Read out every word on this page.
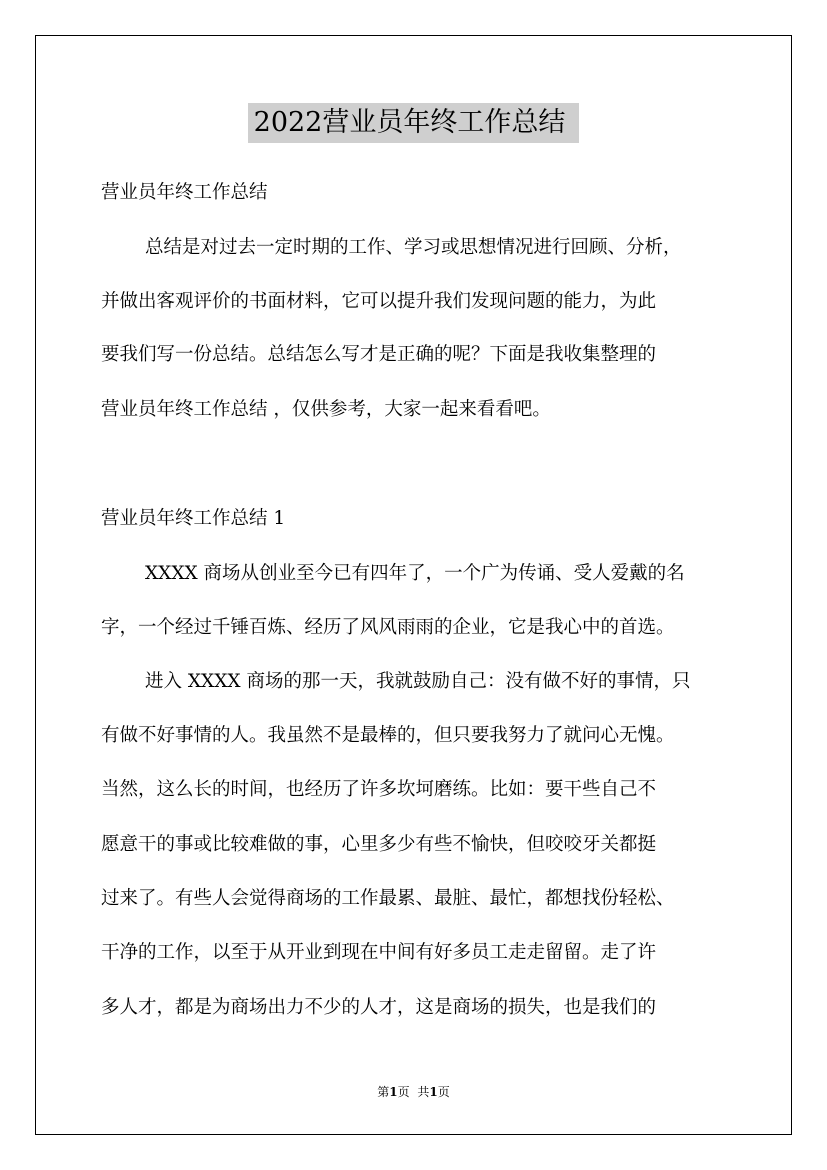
2022营业员年终工作总结
营业员年终工作总结
总结是对过去一定时期的工作、学习或思想情况进行回顾、分析，
并做出客观评价的书面材料，它可以提升我们发现问题的能力，为此
要我们写一份总结。总结怎么写才是正确的呢？下面是我收集整理的
营业员年终工作总结 ，仅供参考，大家一起来看看吧。
营业员年终工作总结 1
XXXX 商场从创业至今已有四年了，一个广为传诵、受人爱戴的名
字，一个经过千锤百炼、经历了风风雨雨的企业，它是我心中的首选。
进入 XXXX 商场的那一天，我就鼓励自己：没有做不好的事情，只
有做不好事情的人。我虽然不是最棒的，但只要我努力了就问心无愧。
当然，这么长的时间，也经历了许多坎坷磨练。比如：要干些自己不
愿意干的事或比较难做的事，心里多少有些不愉快，但咬咬牙关都挺
过来了。有些人会觉得商场的工作最累、最脏、最忙，都想找份轻松、
干净的工作，以至于从开业到现在中间有好多员工走走留留。走了许
多人才，都是为商场出力不少的人才，这是商场的损失，也是我们的
第1页 共1页
